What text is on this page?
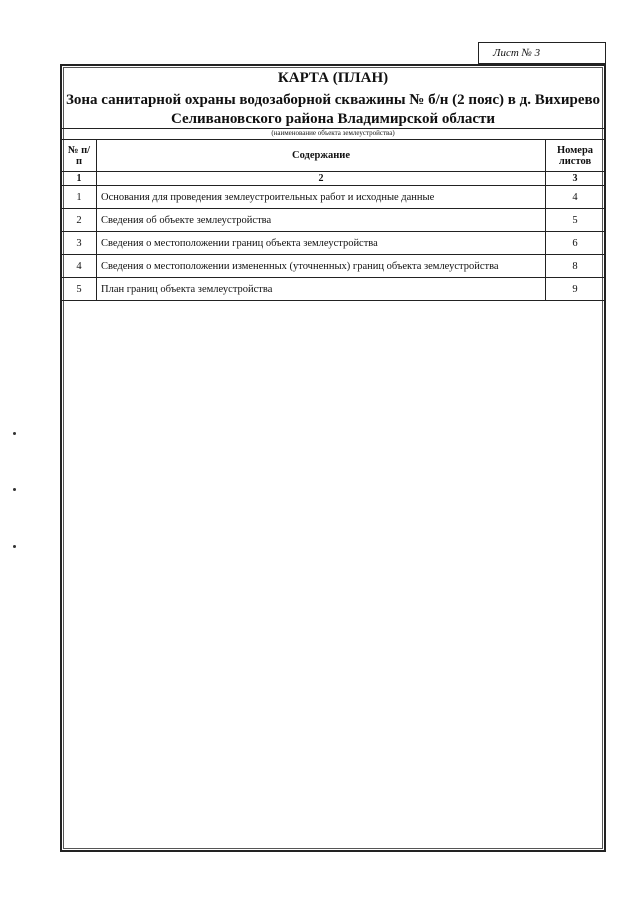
Лист № 3
КАРТА (ПЛАН)
Зона санитарной охраны водозаборной скважины № б/н (2 пояс) в д. Вихирево
Селивановского района Владимирской области
(наименование объекта землеустройства)
№ п/п	Содержание	Номера листов
1	2	3
1	Основания для проведения землеустроительных работ и исходные данные	4
2	Сведения об объекте землеустройства	5
3	Сведения о местоположении границ объекта землеустройства	6
4	Сведения о местоположении измененных (уточненных) границ объекта землеустройства	8
5	План границ объекта землеустройства	9
